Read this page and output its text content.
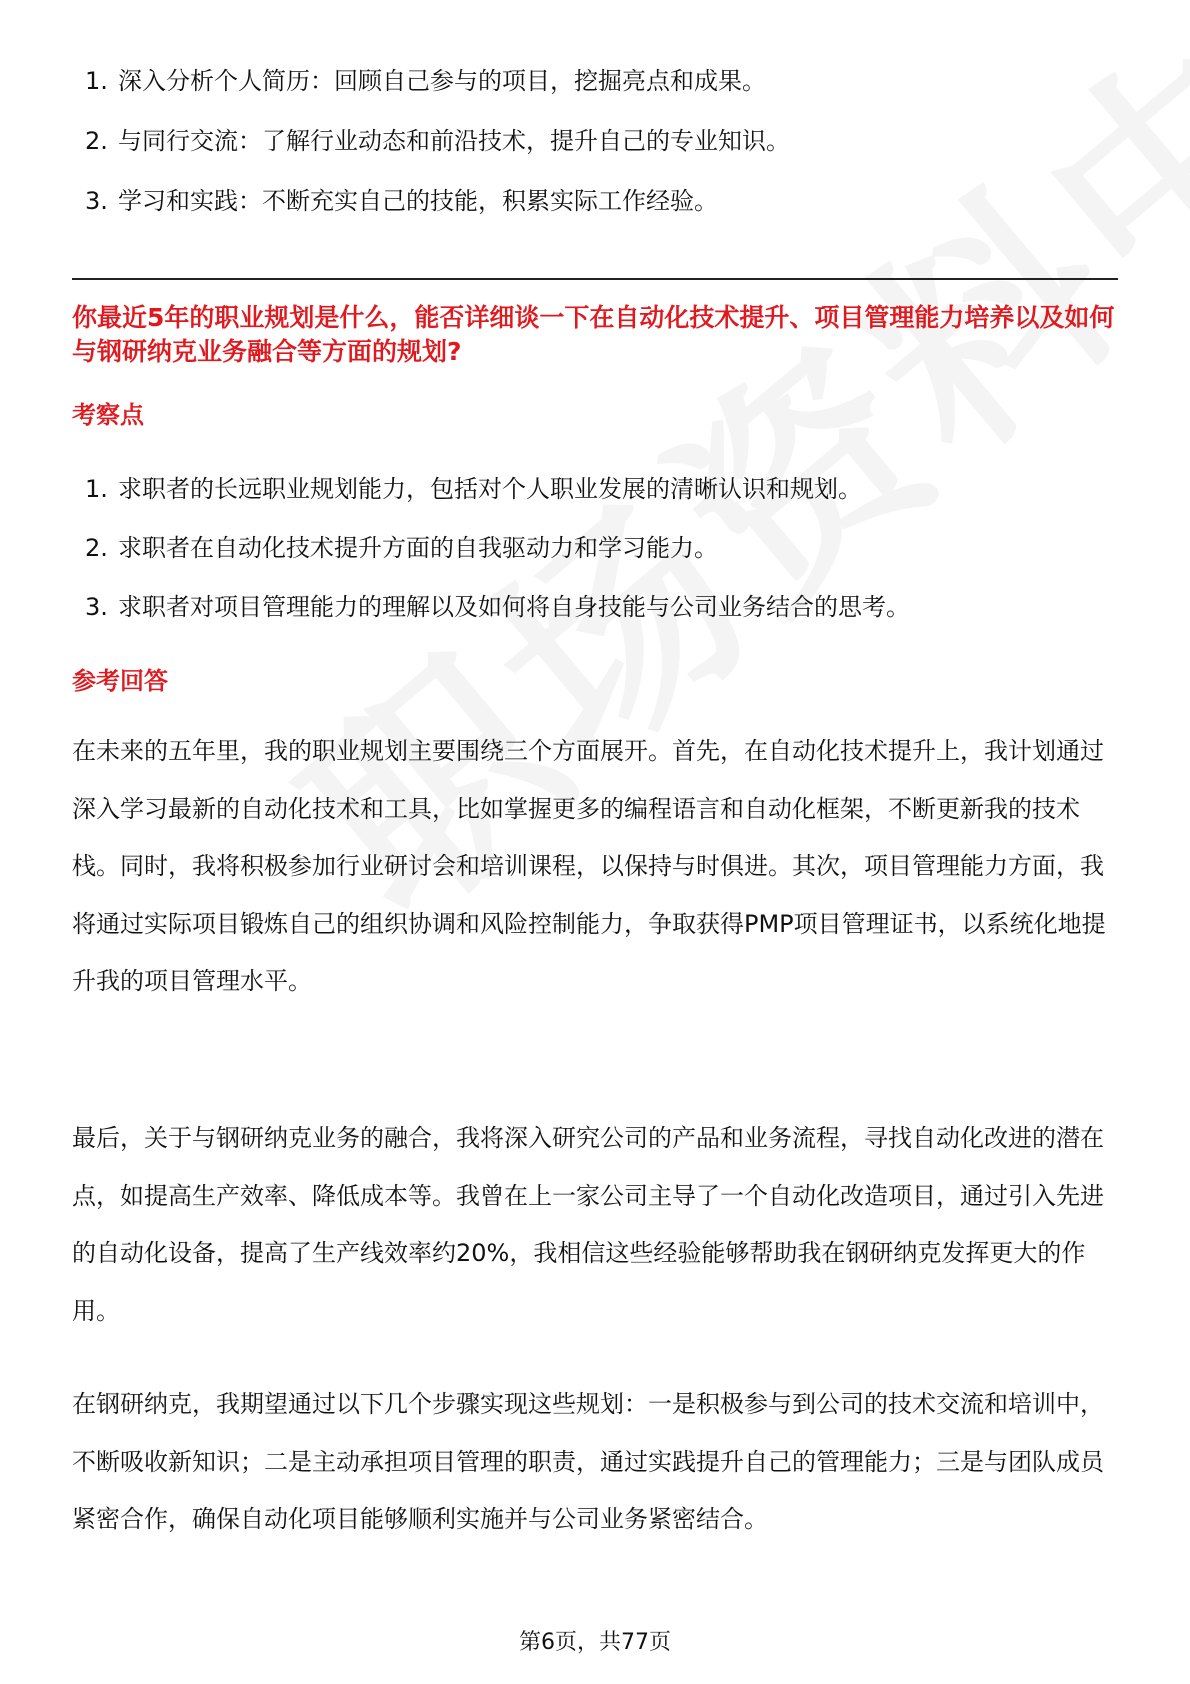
1. 深入分析个人简历：回顾自己参与的项目，挖掘亮点和成果。
2. 与同行交流：了解行业动态和前沿技术，提升自己的专业知识。
3. 学习和实践：不断充实自己的技能，积累实际工作经验。
你最近5年的职业规划是什么，能否详细谈一下在自动化技术提升、项目管理能力培养以及如何与钢研纳克业务融合等方面的规划?
考察点
1. 求职者的长远职业规划能力，包括对个人职业发展的清晰认识和规划。
2. 求职者在自动化技术提升方面的自我驱动力和学习能力。
3. 求职者对项目管理能力的理解以及如何将自身技能与公司业务结合的思考。
参考回答

在未来的五年里，我的职业规划主要围绕三个方面展开。首先，在自动化技术提升上，我计划通过深入学习最新的自动化技术和工具，比如掌握更多的编程语言和自动化框架，不断更新我的技术栈。同时，我将积极参加行业研讨会和培训课程，以保持与时俱进。其次，项目管理能力方面，我将通过实际项目锻炼自己的组织协调和风险控制能力，争取获得PMP项目管理证书，以系统化地提升我的项目管理水平。

最后，关于与钢研纳克业务的融合，我将深入研究公司的产品和业务流程，寻找自动化改进的潜在点，如提高生产效率、降低成本等。我曾在上一家公司主导了一个自动化改造项目，通过引入先进的自动化设备，提高了生产线效率约20%，我相信这些经验能够帮助我在钢研纳克发挥更大的作用。

在钢研纳克，我期望通过以下几个步骤实现这些规划：一是积极参与到公司的技术交流和培训中，不断吸收新知识；二是主动承担项目管理的职责，通过实践提升自己的管理能力；三是与团队成员紧密合作，确保自动化项目能够顺利实施并与公司业务紧密结合。

第6页，共77页
